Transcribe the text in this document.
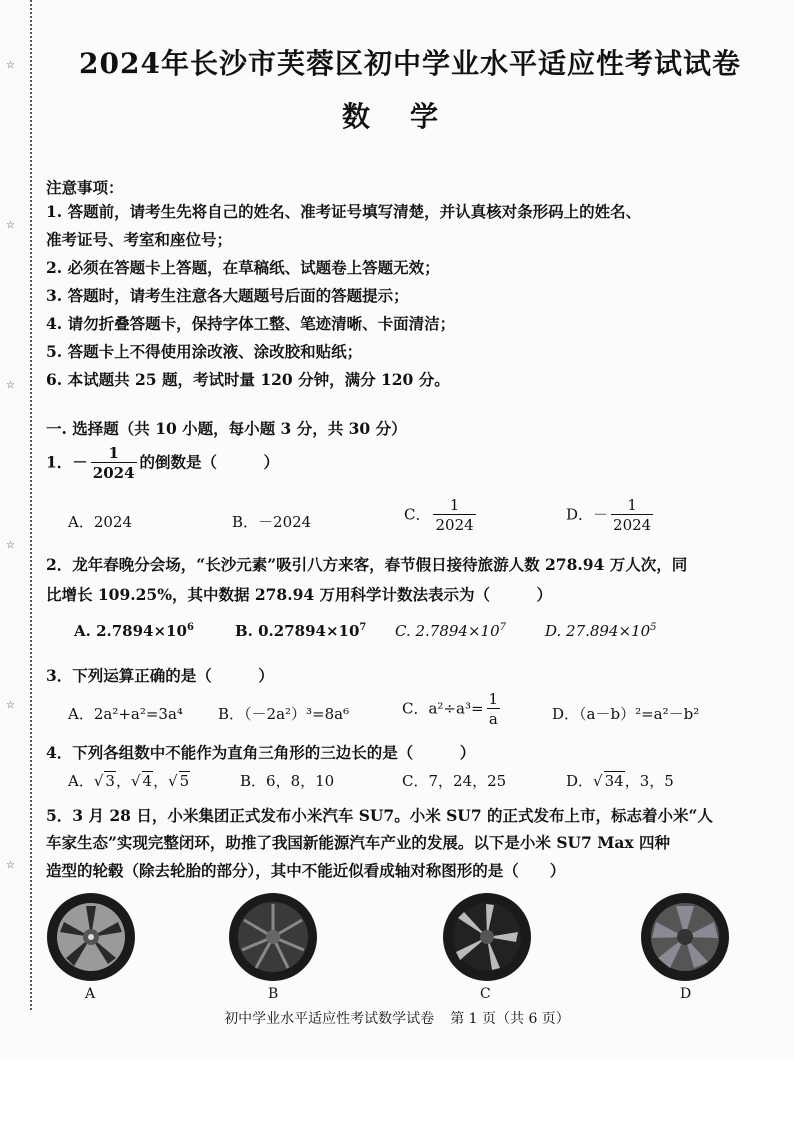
☆
☆
☆
☆
☆
☆
2024年长沙市芙蓉区初中学业水平适应性考试试卷
数学
注意事项：
1. 答题前，请考生先将自己的姓名、准考证号填写清楚，并认真核对条形码上的姓名、
准考证号、考室和座位号；
2. 必须在答题卡上答题，在草稿纸、试题卷上答题无效；
3. 答题时，请考生注意各大题题号后面的答题提示；
4. 请勿折叠答题卡，保持字体工整、笔迹清晰、卡面清洁；
5. 答题卡上不得使用涂改液、涂改胶和贴纸；
6. 本试题共 25 题，考试时量 120 分钟，满分 120 分。
一. 选择题（共 10 小题，每小题 3 分，共 30 分）
1．－ $\frac{1}{2024}$ 的倒数是（　　　）
A．2024	B．－2024	C． $\frac{1}{2024}$	D．－ $\frac{1}{2024}$
2．龙年春晚分会场，“长沙元素”吸引八方来客，春节假日接待旅游人数 278.94 万人次，同
比增长 109.25%，其中数据 278.94 万用科学计数法表示为（　　　）
A. $2.7894\times 10^6$	B. $0.27894\times 10^7$ C. $2.7894\times 10^7$	D. $27.894\times 10^5$
3．下列运算正确的是（　　　）
A．2a²+a²=3a⁴ B．（－2a²）³=8a⁶	C．$a^2\div a^3= \frac{1}{a}$	D．（a－b）²=a²－b²
4．下列各组数中不能作为直角三角形的三边长的是（　　　）
A．√ 3，√ 4，√ 5	B．6，8，10	C．7，24，25	D．√ 34，3，5
5．3 月 28 日，小米集团正式发布小米汽车 SU7。小米 SU7 的正式发布上市，标志着小米“人
车家生态”实现完整闭环，助推了我国新能源汽车产业的发展。以下是小米 SU7 Max 四种
造型的轮毂（除去轮胎的部分），其中不能近似看成轴对称图形的是（　　）
A	B	C	D
初中学业水平适应性考试数学试卷 第 1 页（共 6 页）
